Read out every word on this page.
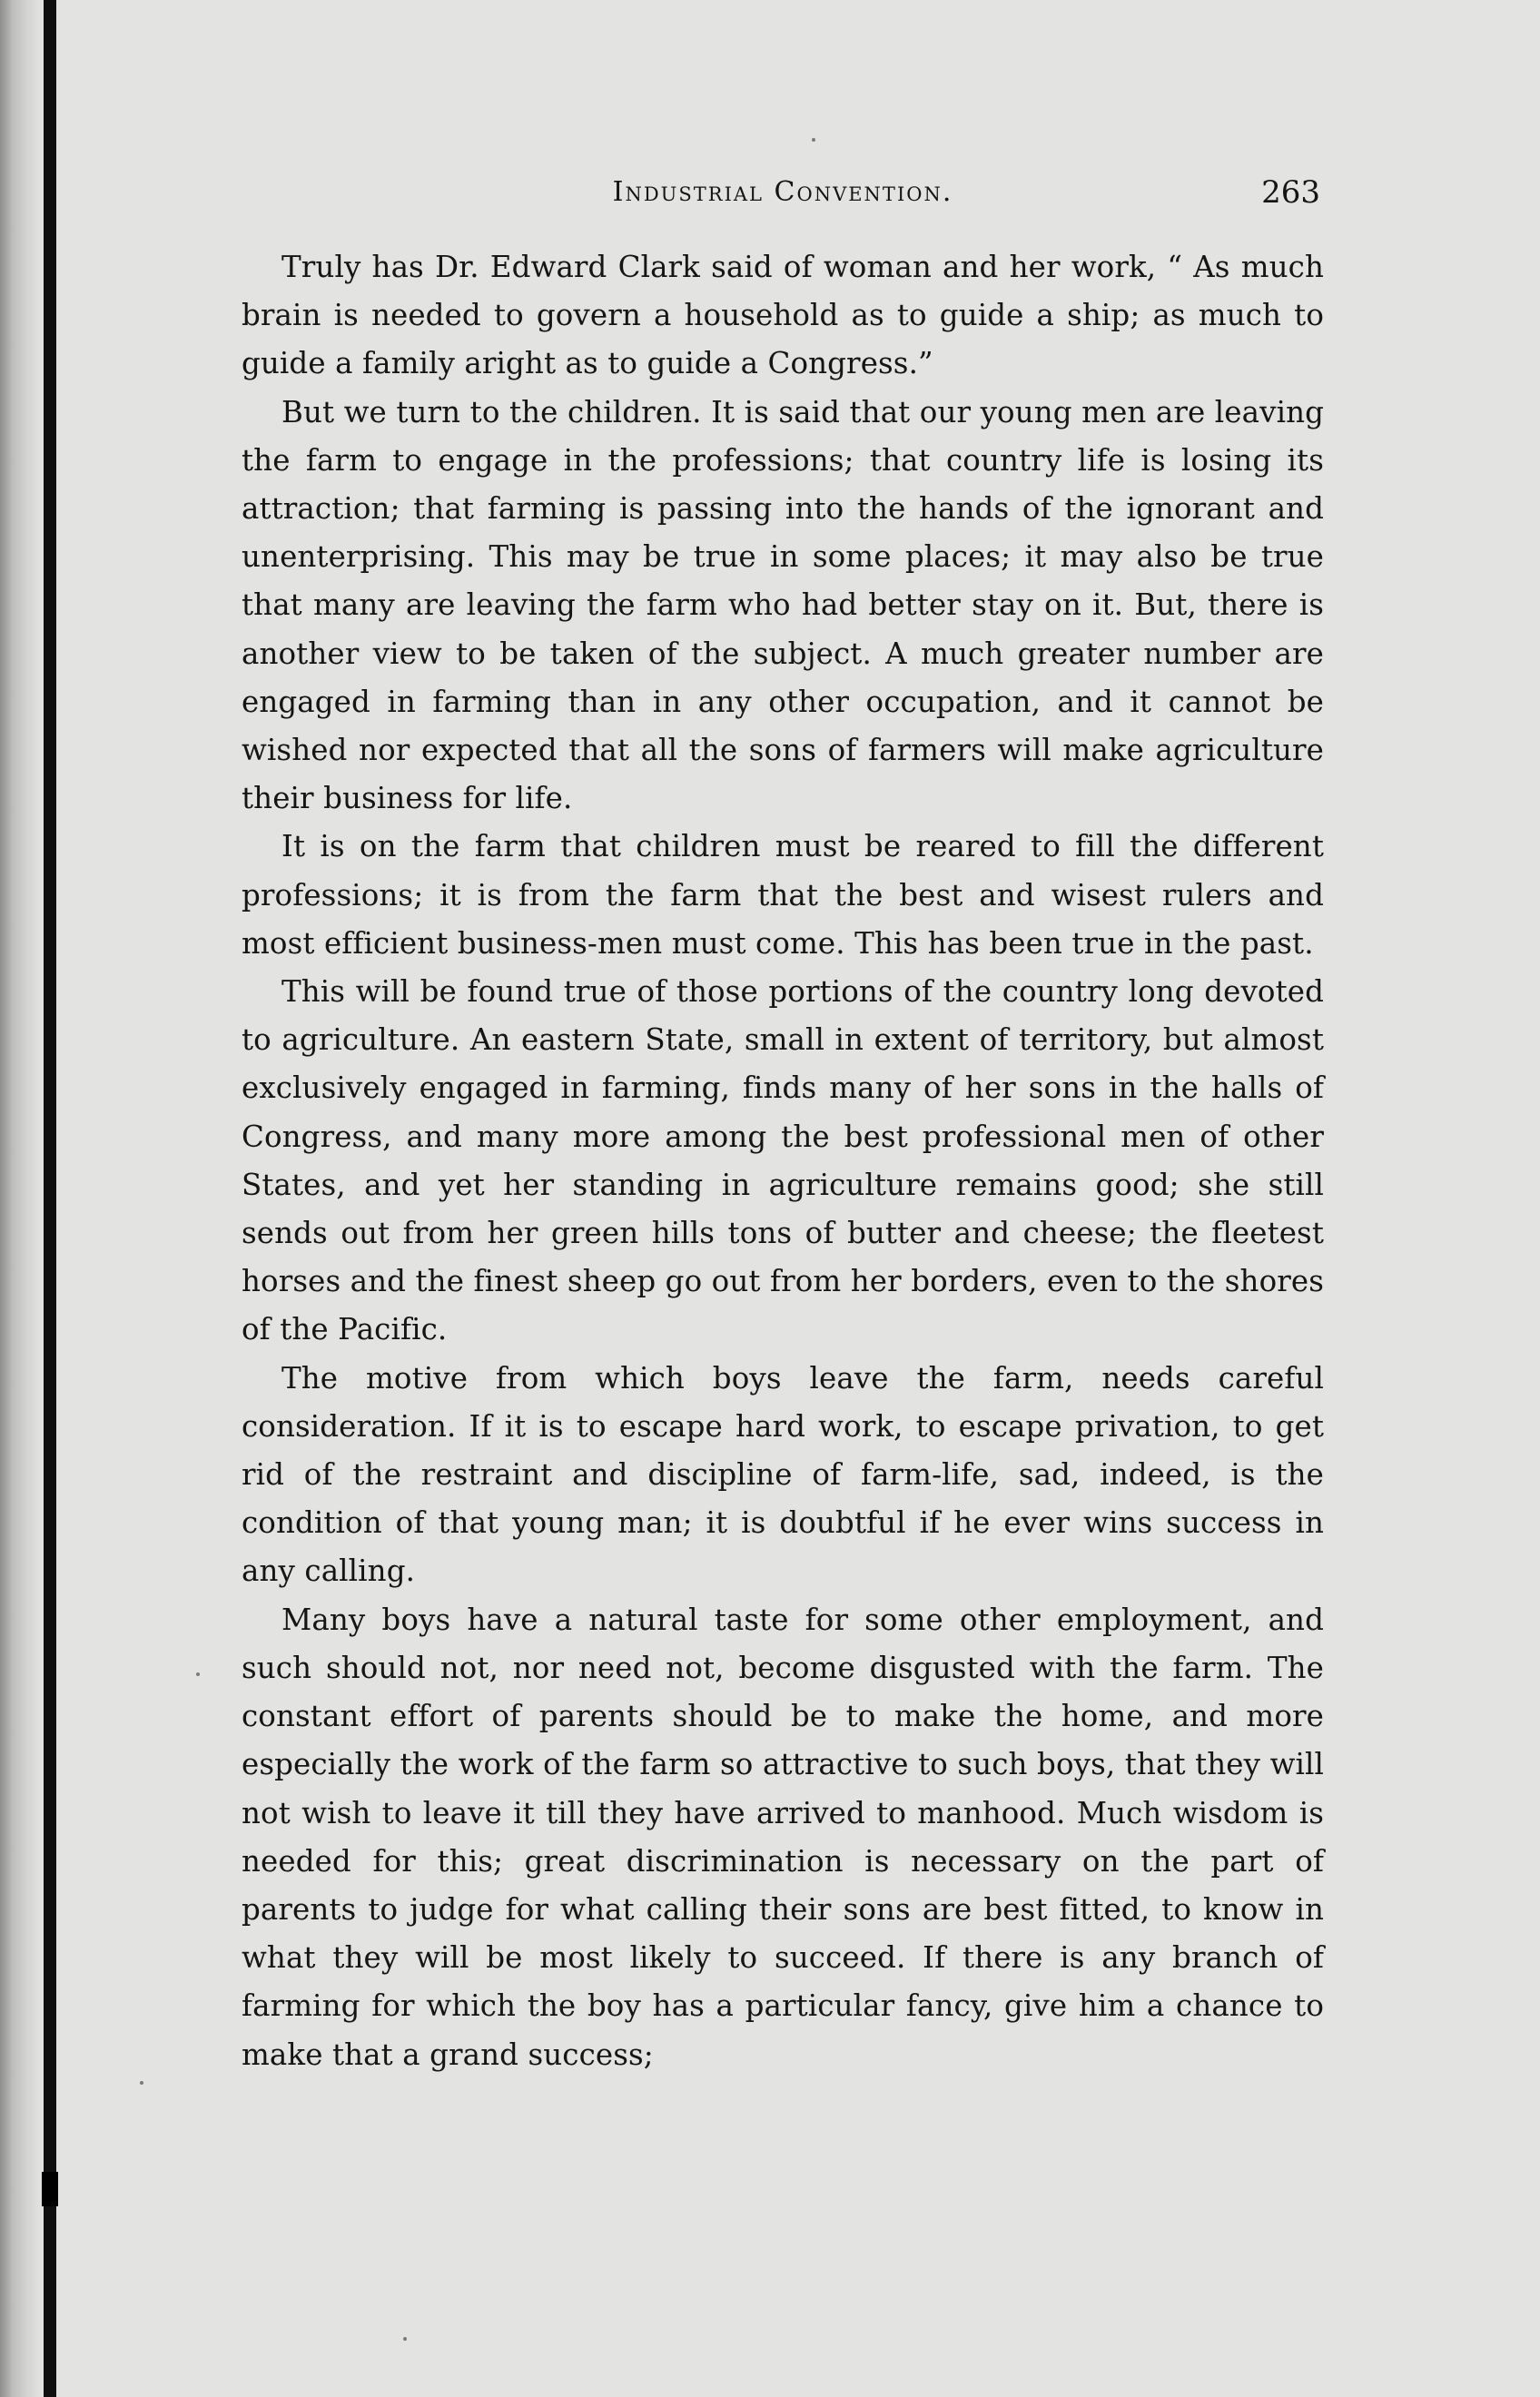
Industrial Convention.	263

Truly has Dr. Edward Clark said of woman and her work, “ As much brain is needed to govern a household as to guide a ship; as much to guide a family aright as to guide a Congress.”

But we turn to the children. It is said that our young men are leaving the farm to engage in the professions; that country life is losing its attraction; that farming is passing into the hands of the ignorant and unenterprising. This may be true in some places; it may also be true that many are leaving the farm who had better stay on it. But, there is another view to be taken of the subject. A much greater number are engaged in farming than in any other occupation, and it cannot be wished nor expected that all the sons of farmers will make agriculture their business for life.

It is on the farm that children must be reared to fill the different professions; it is from the farm that the best and wisest rulers and most efficient business-men must come. This has been true in the past.

This will be found true of those portions of the country long devoted to agriculture. An eastern State, small in extent of territory, but almost exclusively engaged in farming, finds many of her sons in the halls of Congress, and many more among the best professional men of other States, and yet her standing in agriculture remains good; she still sends out from her green hills tons of butter and cheese; the fleetest horses and the finest sheep go out from her borders, even to the shores of the Pacific.

The motive from which boys leave the farm, needs careful consideration. If it is to escape hard work, to escape privation, to get rid of the restraint and discipline of farm-life, sad, indeed, is the condition of that young man; it is doubtful if he ever wins success in any calling.

Many boys have a natural taste for some other employment, and such should not, nor need not, become disgusted with the farm. The constant effort of parents should be to make the home, and more especially the work of the farm so attractive to such boys, that they will not wish to leave it till they have arrived to manhood. Much wisdom is needed for this; great discrimination is necessary on the part of parents to judge for what calling their sons are best fitted, to know in what they will be most likely to succeed. If there is any branch of farming for which the boy has a particular fancy, give him a chance to make that a grand success;
